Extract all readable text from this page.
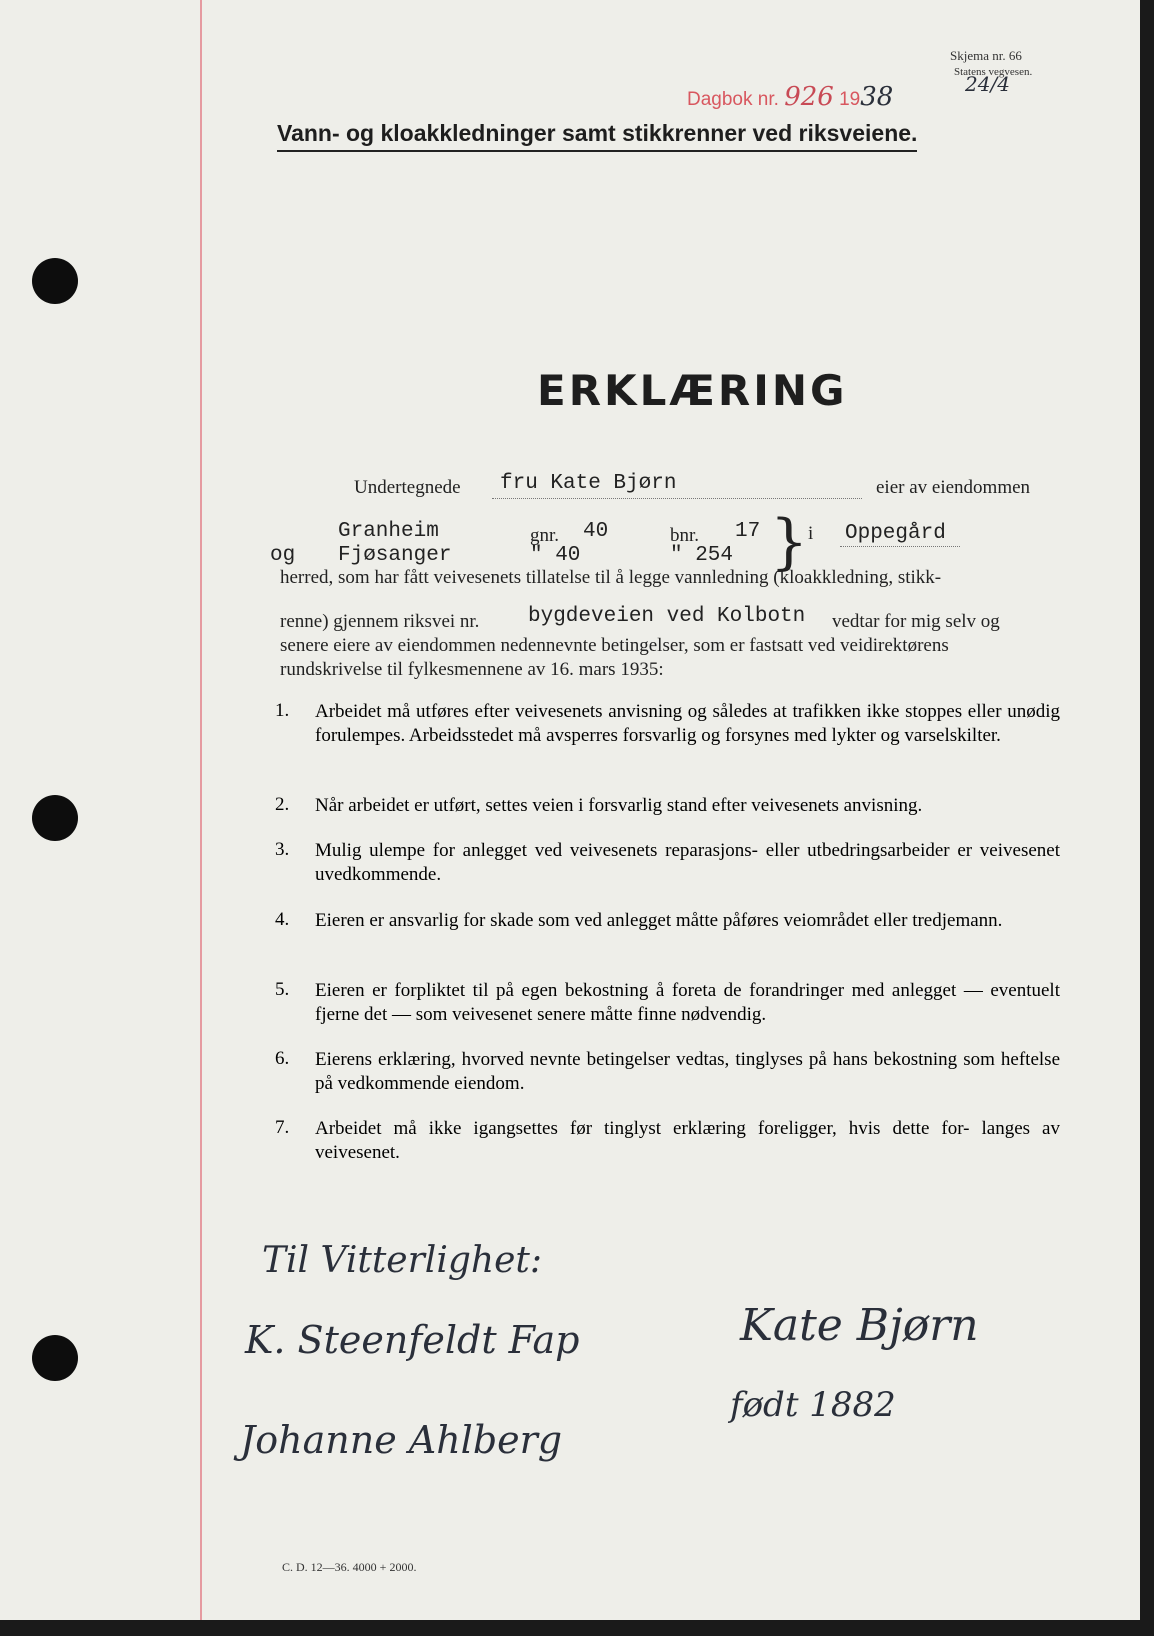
Dagbok nr. 926 1938
Skjema nr. 66
Statens vegvesen.
24/4
Vann- og kloakkledninger samt stikkrenner ved riksveiene.
ERKLÆRING
Undertegnede fru Kate Bjørn	eier av eiendommen
Granheim
og Fjøsanger
gnr. 40
" 40
bnr. 17
" 254 } i Oppegård
herred, som har fått veivesenets tillatelse til å legge vannledning (kloakkledning, stikk-
renne) gjennem riksvei nr. bygdeveien ved Kolbotn vedtar for mig selv og
senere eiere av eiendommen nedennevnte betingelser, som er fastsatt ved veidirektørens
rundskrivelse til fylkesmennene av 16. mars 1935:
1. Arbeidet må utføres efter veivesenets anvisning og således at trafikken ikke stoppes eller unødig forulempes. Arbeidsstedet må avsperres forsvarlig og forsynes med lykter og varselskilter.
2. Når arbeidet er utført, settes veien i forsvarlig stand efter veivesenets anvisning.
3. Mulig ulempe for anlegget ved veivesenets reparasjons- eller utbedringsarbeider er veivesenet uvedkommende.
4. Eieren er ansvarlig for skade som ved anlegget måtte påføres veiområdet eller tredjemann.
5. Eieren er forpliktet til på egen bekostning å foreta de forandringer med anlegget — eventuelt fjerne det — som veivesenet senere måtte finne nødvendig.
6. Eierens erklæring, hvorved nevnte betingelser vedtas, tinglyses på hans bekostning som heftelse på vedkommende eiendom.
7. Arbeidet må ikke igangsettes før tinglyst erklæring foreligger, hvis dette for- langes av veivesenet.
Til Vitterlighet:
K. Steenfeldt Fap
Johanne Ahlberg
Kate Bjørn
født 1882
C. D. 12—36. 4000 + 2000.
